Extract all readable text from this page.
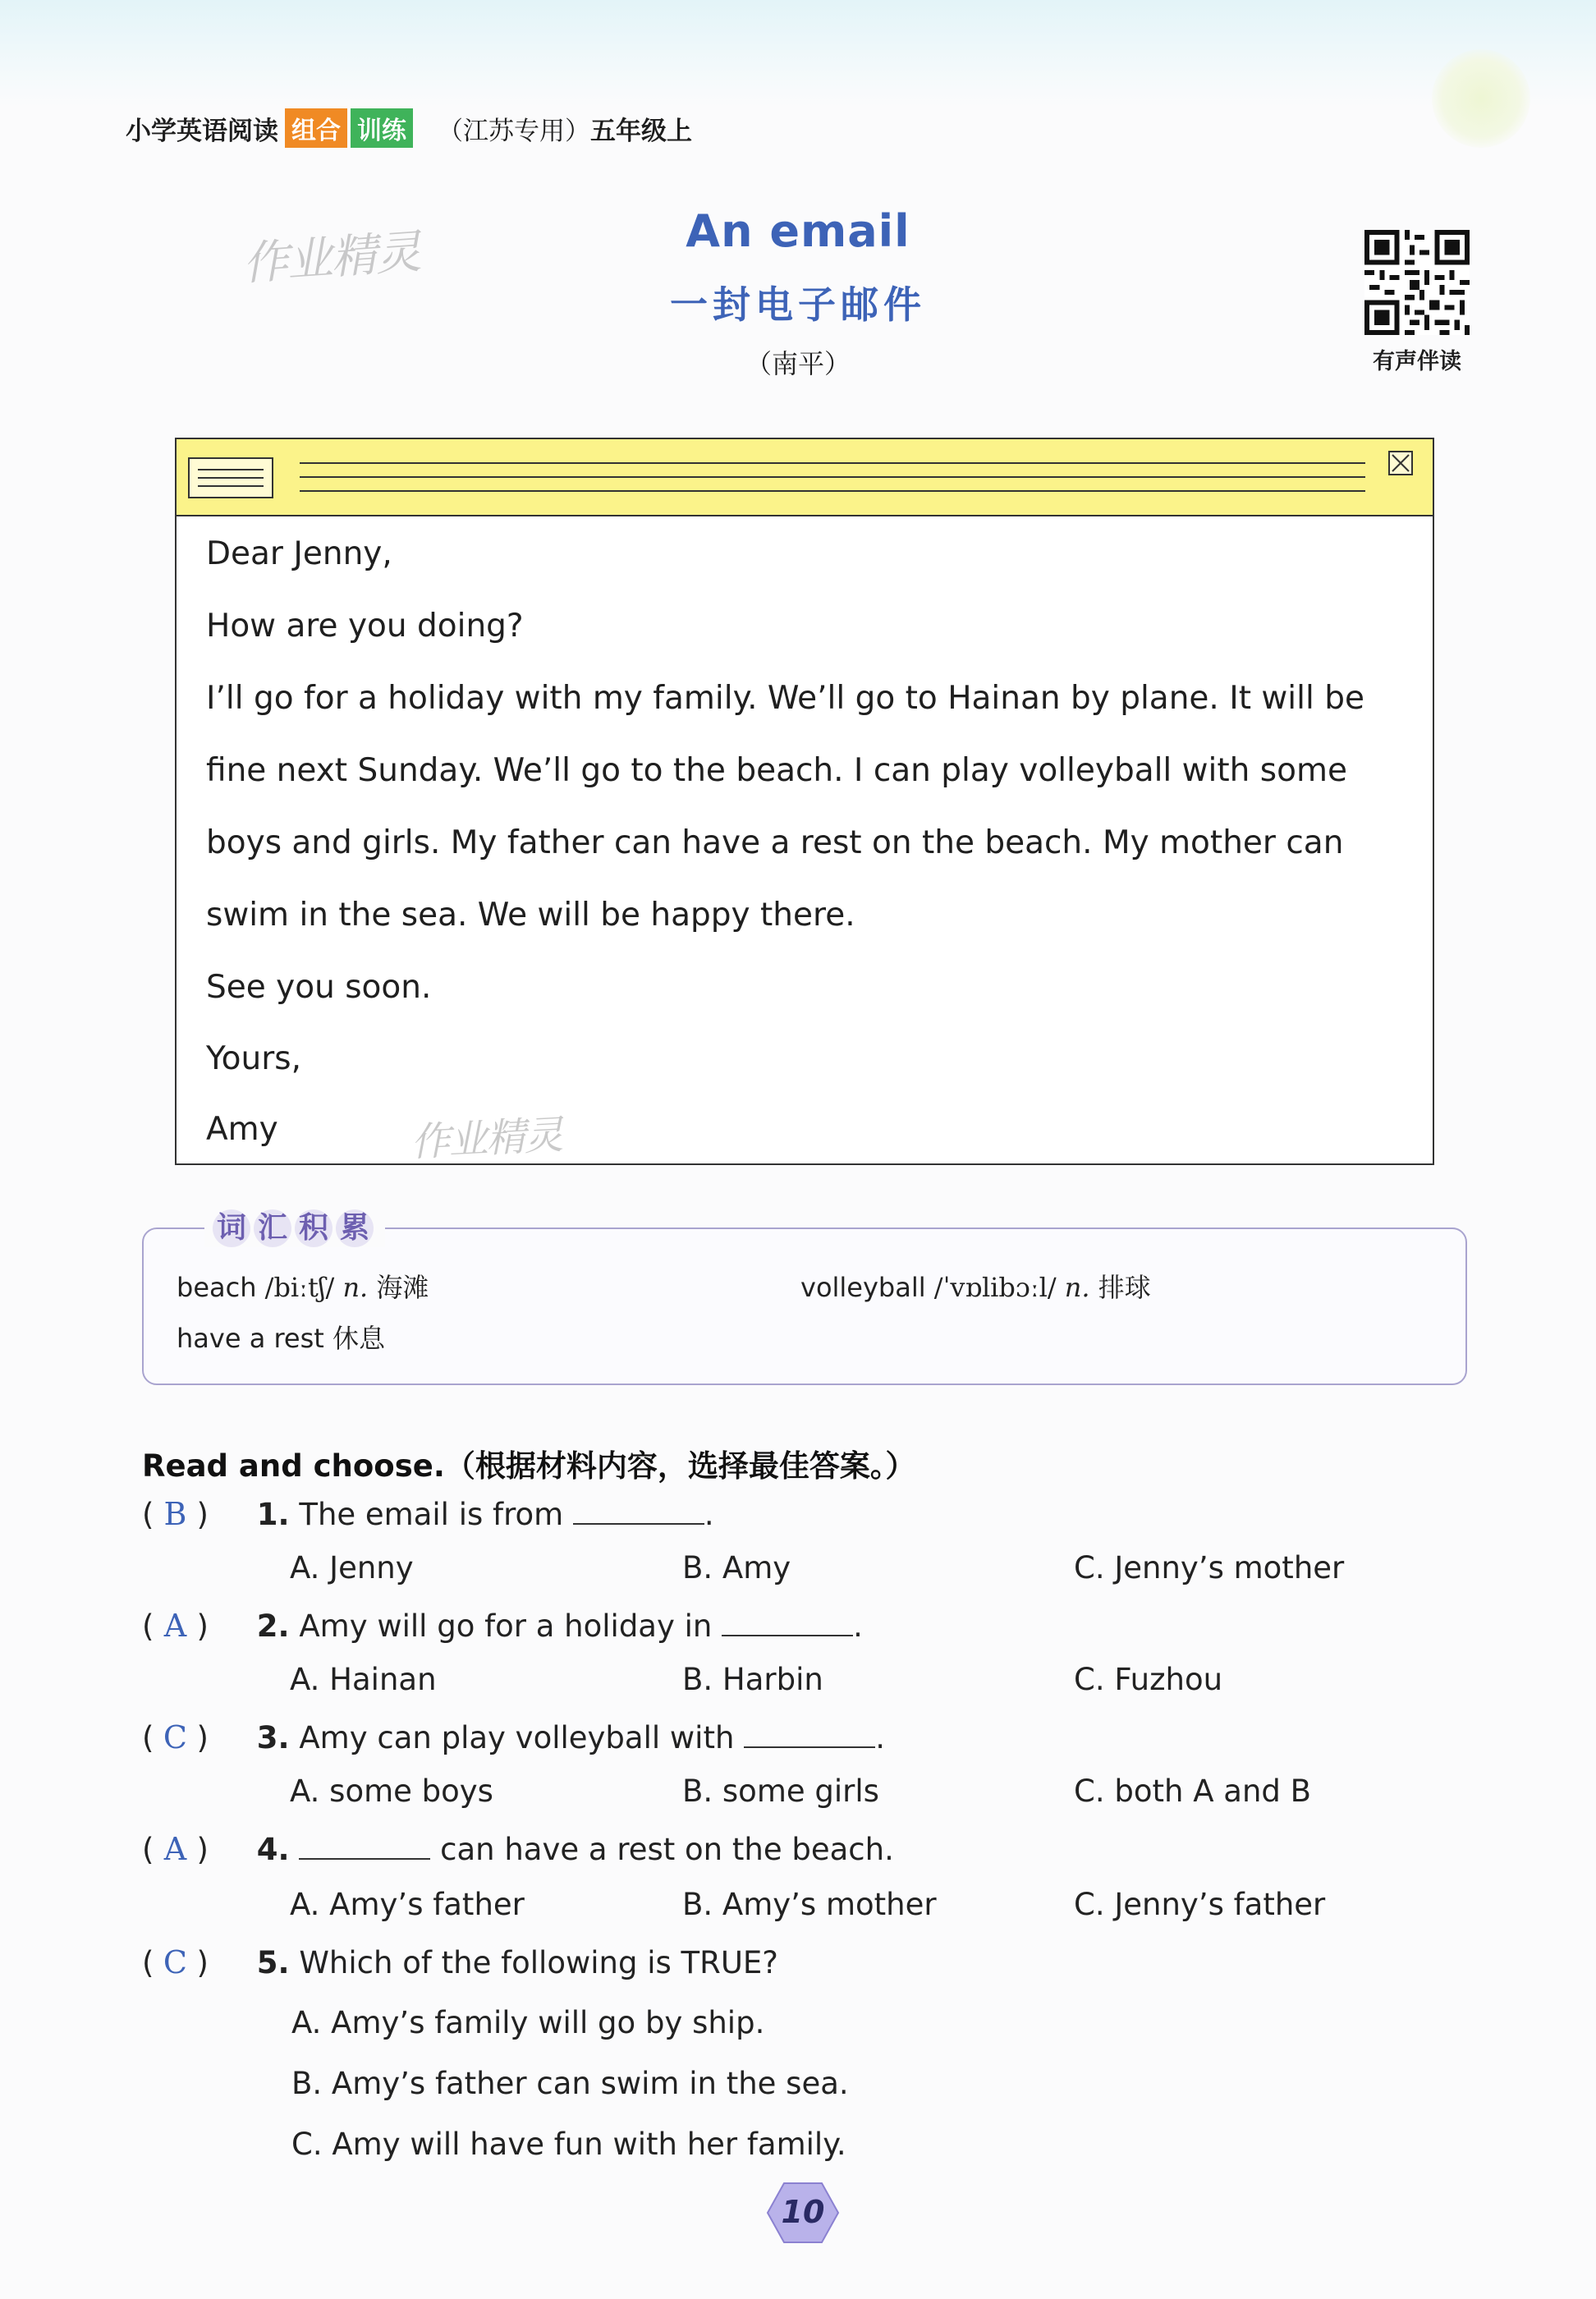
小学英语阅读 组合 训练 （江苏专用） 五年级上
作业精灵	An email
一封电子邮件
（南平）	有声伴读

Dear Jenny,

How are you doing?

I’ll go for a holiday with my family. We’ll go to Hainan by plane. It will be

fine next Sunday. We’ll go to the beach. I can play volleyball with some

boys and girls. My father can have a rest on the beach. My mother can

swim in the sea. We will be happy there.

See you soon.

Yours,

Amy	作业精灵
词 汇 积 累
beach /biːtʃ/ n. 海滩	volleyball /ˈvɒlibɔːl/ n. 排球
have a rest 休息
Read and choose.（根据材料内容，选择最佳答案。）
( B ) 1. The email is from	.
A. Jenny	B. Amy	C. Jenny’s mother
( A ) 2. Amy will go for a holiday in	.
A. Hainan	B. Harbin	C. Fuzhou
( C ) 3. Amy can play volleyball with	.
A. some boys	B. some girls	C. both A and B
( A ) 4.	can have a rest on the beach.
A. Amy’s father	B. Amy’s mother	C. Jenny’s father
( C ) 5. Which of the following is TRUE?
A. Amy’s family will go by ship.
B. Amy’s father can swim in the sea.
C. Amy will have fun with her family.
10
